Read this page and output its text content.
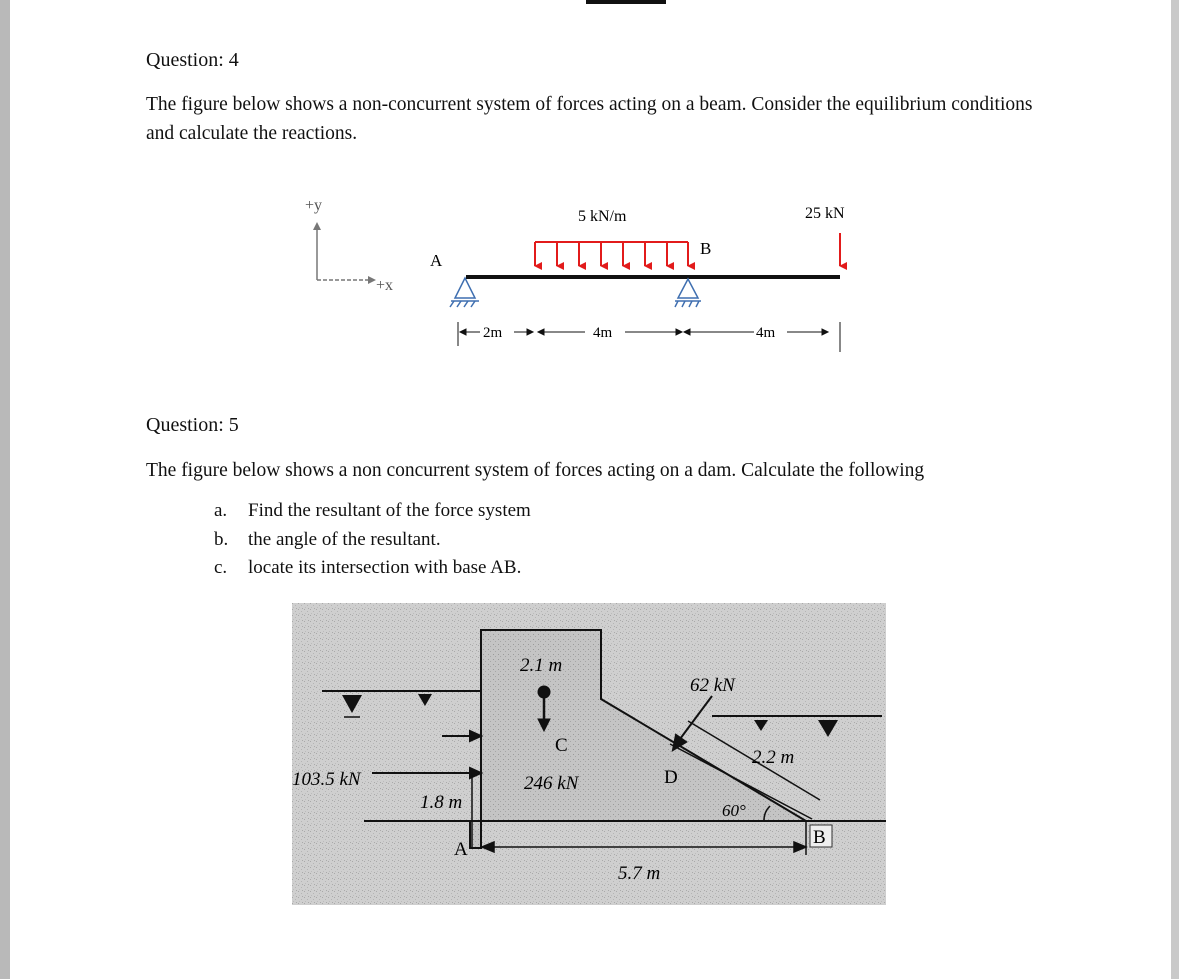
Question: 4
The figure below shows a non-concurrent system of forces acting on a beam. Consider the equilibrium conditions and calculate the reactions.
+y
+x
A
5 kN/m
B
25 kN
2m	4m	4m
Question: 5
The figure below shows a non concurrent system of forces acting on a dam. Calculate the following
a.	Find the resultant of the force system
b.	the angle of the resultant.
c.	locate its intersection with base AB.
103.5 kN
1.8 m
2.1 m
C
246 kN
62 kN
D
2.2 m
60°
A
B
5.7 m
